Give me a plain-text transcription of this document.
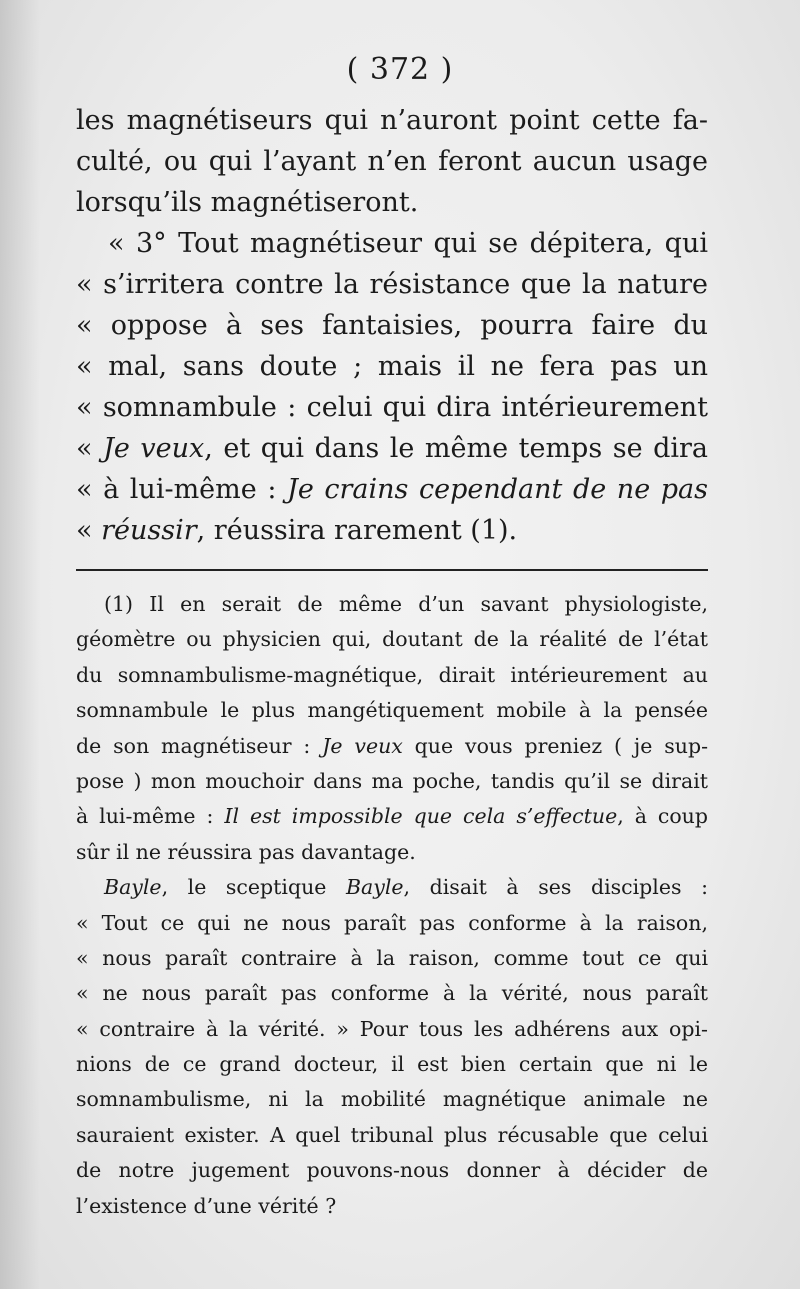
( 372 )
les magnétiseurs qui n’auront point cette fa-
culté, ou qui l’ayant n’en feront aucun usage
lorsqu’ils magnétiseront.
« 3° Tout magnétiseur qui se dépitera, qui
« s’irritera contre la résistance que la nature
« oppose à ses fantaisies, pourra faire du
« mal, sans doute ; mais il ne fera pas un
« somnambule : celui qui dira intérieurement
« Je veux, et qui dans le même temps se dira
« à lui-même : Je crains cependant de ne pas
« réussir, réussira rarement (1).
(1) Il en serait de même d’un savant physiologiste,
géomètre ou physicien qui, doutant de la réalité de l’état
du somnambulisme-magnétique, dirait intérieurement au
somnambule le plus mangétiquement mobile à la pensée
de son magnétiseur : Je veux que vous preniez ( je sup-
pose ) mon mouchoir dans ma poche, tandis qu’il se dirait
à lui-même : Il est impossible que cela s’effectue, à coup
sûr il ne réussira pas davantage.
Bayle, le sceptique Bayle, disait à ses disciples :
« Tout ce qui ne nous paraît pas conforme à la raison,
« nous paraît contraire à la raison, comme tout ce qui
« ne nous paraît pas conforme à la vérité, nous paraît
« contraire à la vérité. » Pour tous les adhérens aux opi-
nions de ce grand docteur, il est bien certain que ni le
somnambulisme, ni la mobilité magnétique animale ne
sauraient exister. A quel tribunal plus récusable que celui
de notre jugement pouvons-nous donner à décider de
l’existence d’une vérité ?
